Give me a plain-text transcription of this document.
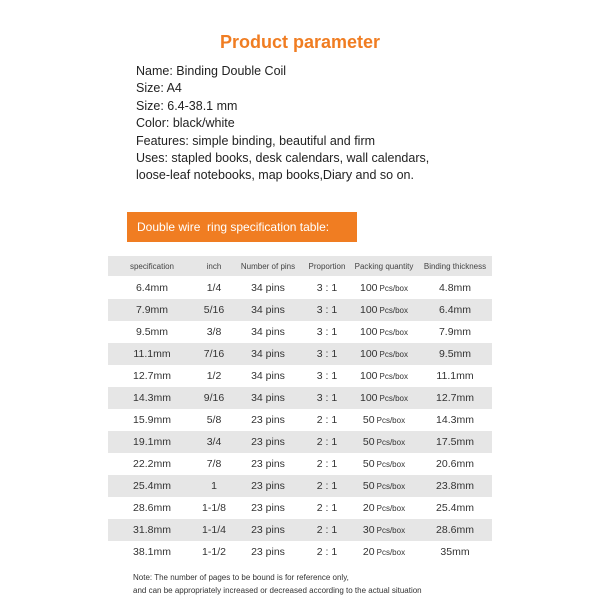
Product parameter
Name: Binding Double Coil
Size: A4
Size: 6.4-38.1 mm
Color: black/white
Features: simple binding, beautiful and firm
Uses: stapled books, desk calendars, wall calendars,
loose-leaf notebooks, map books,Diary and so on.
Double wire  ring specification table:
specification	inch	Number of pins	Proportion	Packing quantity	Binding thickness
6.4mm	1/4	34 pins	3 : 1	100 Pcs/box	4.8mm
7.9mm	5/16	34 pins	3 : 1	100 Pcs/box	6.4mm
9.5mm	3/8	34 pins	3 : 1	100 Pcs/box	7.9mm
11.1mm	7/16	34 pins	3 : 1	100 Pcs/box	9.5mm
12.7mm	1/2	34 pins	3 : 1	100 Pcs/box	11.1mm
14.3mm	9/16	34 pins	3 : 1	100 Pcs/box	12.7mm
15.9mm	5/8	23 pins	2 : 1	50 Pcs/box	14.3mm
19.1mm	3/4	23 pins	2 : 1	50 Pcs/box	17.5mm
22.2mm	7/8	23 pins	2 : 1	50 Pcs/box	20.6mm
25.4mm	1	23 pins	2 : 1	50 Pcs/box	23.8mm
28.6mm	1-1/8	23 pins	2 : 1	20 Pcs/box	25.4mm
31.8mm	1-1/4	23 pins	2 : 1	30 Pcs/box	28.6mm
38.1mm	1-1/2	23 pins	2 : 1	20 Pcs/box	35mm
Note: The number of pages to be bound is for reference only,
and can be appropriately increased or decreased according to the actual situation
